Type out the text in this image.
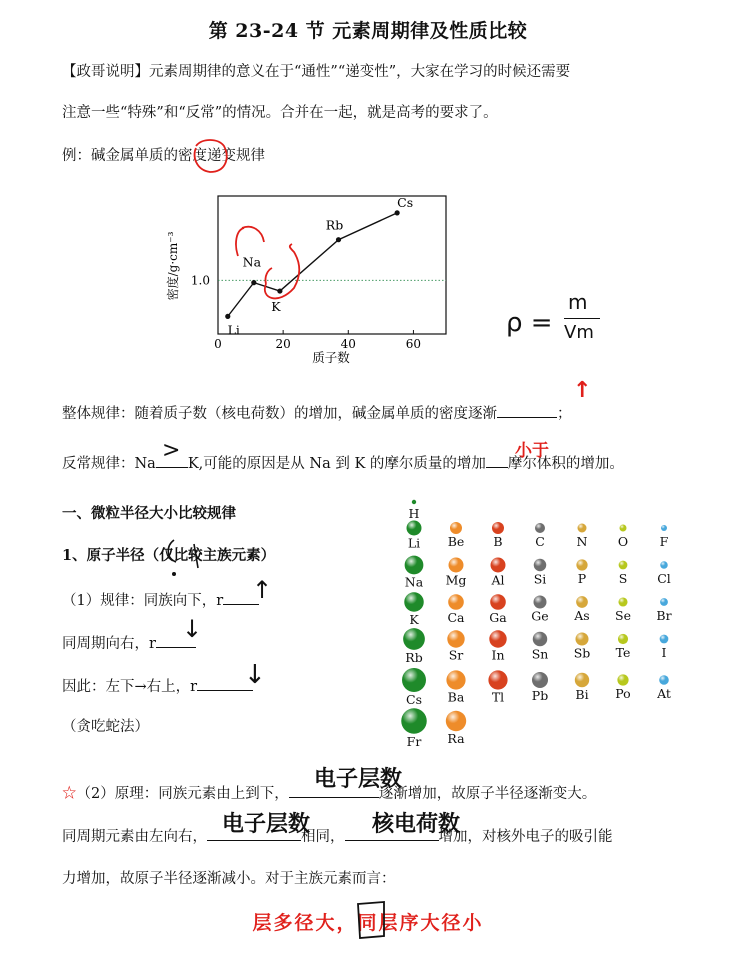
第 23-24 节 元素周期律及性质比较
【政哥说明】元素周期律的意义在于“通性”“递变性”，大家在学习的时候还需要
注意一些“特殊”和“反常”的情况。合并在一起，就是高考的要求了。
例：碱金属单质的密度递变规律
Li
Na
K
Rb
Cs
密度/g·cm⁻³
质子数
0	20	40	60
1.0
ρ =
m
Vm
整体规律：随着质子数（核电荷数）的增加，碱金属单质的密度逐渐	；
↑
反常规律：Na K,可能的原因是从 Na 到 K 的摩尔质量的增加 摩尔体积的增加。
>	小于
一、微粒半径大小比较规律
1、原子半径（仅比较主族元素）
（1）规律：同族向下，r	↑
同周期向右，r
↓
因此：左下→右上，r	↓
（贪吃蛇法）
H
Li Be B	C	N O	F
Na Mg Al Si	P	S Cl
K Ca Ga Ge As Se Br
Rb Sr In Sn Sb Te I
Cs Ba Tl Pb Bi Po At
Fr Ra
☆（2）原理：同族元素由上到下，	逐渐增加，故原子半径逐渐变大。
电子层数
同周期元素由左向右，	相同，	增加，对核外电子的吸引能
电子层数	核电荷数
力增加，故原子半径逐渐减小。对于主族元素而言：
层多径大，同层序大径小
